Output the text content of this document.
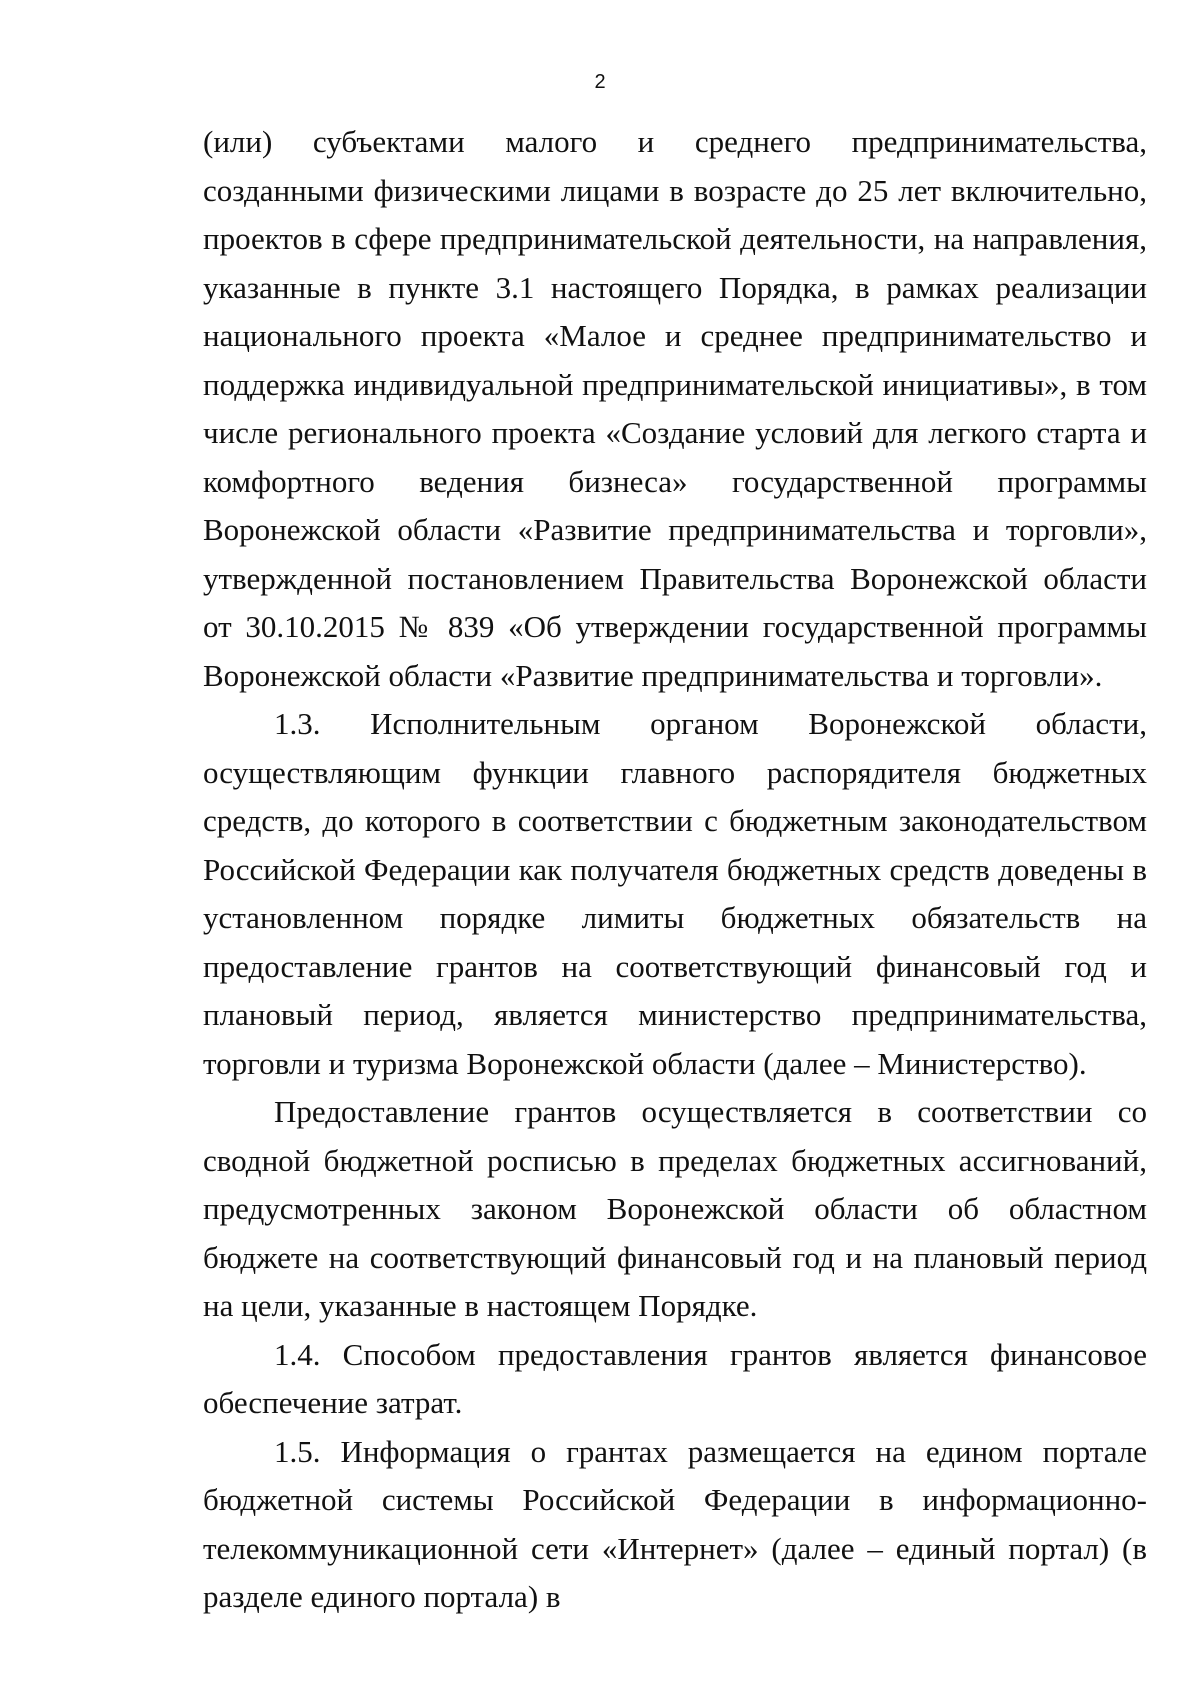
2

(или) субъектами малого и среднего предпринимательства, созданными физическими лицами в возрасте до 25 лет включительно, проектов в сфере предпринимательской деятельности, на направления, указанные в пункте 3.1 настоящего Порядка, в рамках реализации национального проекта «Малое и среднее предпринимательство и поддержка индивидуальной предпринимательской инициативы», в том числе регионального проекта «Создание условий для легкого старта и комфортного ведения бизнеса» государственной программы Воронежской области «Развитие предпринимательства и торговли», утвержденной постановлением Правительства Воронежской области от 30.10.2015 № 839 «Об утверждении государственной программы Воронежской области «Развитие предпринимательства и торговли».

1.3. Исполнительным органом Воронежской области, осуществляющим функции главного распорядителя бюджетных средств, до которого в соответствии с бюджетным законодательством Российской Федерации как получателя бюджетных средств доведены в установленном порядке лимиты бюджетных обязательств на предоставление грантов на соответствующий финансовый год и плановый период, является министерство предпринимательства, торговли и туризма Воронежской области (далее – Министерство).

Предоставление грантов осуществляется в соответствии со сводной бюджетной росписью в пределах бюджетных ассигнований, предусмотренных законом Воронежской области об областном бюджете на соответствующий финансовый год и на плановый период на цели, указанные в настоящем Порядке.

1.4. Способом предоставления грантов является финансовое обеспечение затрат.

1.5. Информация о грантах размещается на едином портале бюджетной системы Российской Федерации в информационно-телекоммуникационной сети «Интернет» (далее – единый портал) (в разделе единого портала) в
